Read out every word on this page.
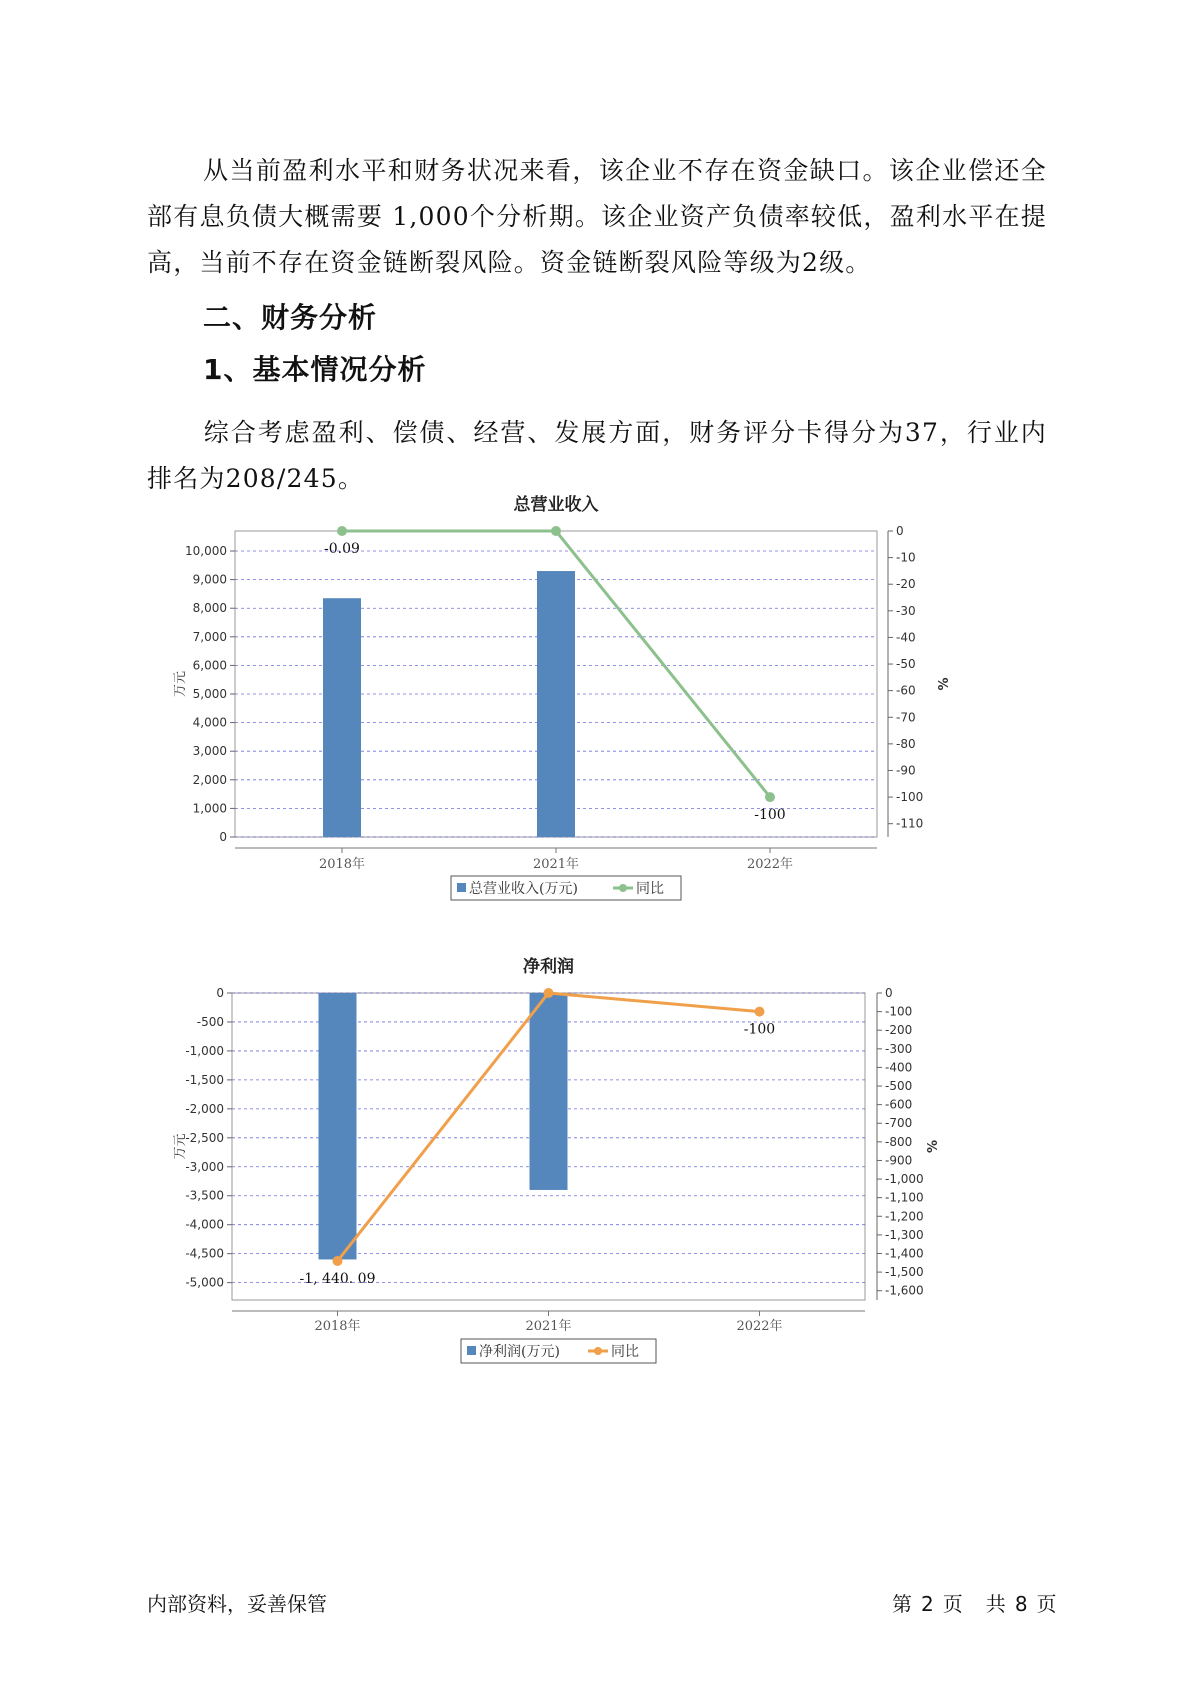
从当前盈利水平和财务状况来看，该企业不存在资金缺口。该企业偿还全部有息负债大概需要 1,000个分析期。该企业资产负债率较低，盈利水平在提高，当前不存在资金链断裂风险。资金链断裂风险等级为2级。

二、财务分析
1、基本情况分析

综合考虑盈利、偿债、经营、发展方面，财务评分卡得分为37，行业内排名为208/245。

总营业收入
0
1,000
2,000
3,000
4,000
5,000
6,000
7,000
8,000
9,000
10,000
0
-10
-20
-30
-40
-50
-60
-70
-80
-90
-100
-110
万元	%
2018年	2021年	2022年
-0.09
-100
总营业收入(万元)	同比
净利润
0
-500
-1,000
-1,500
-2,000
-2,500
-3,000
-3,500
-4,000
-4,500
-5,000
0
-100
-200
-300
-400
-500
-600
-700
-800
-900
-1,000
-1,100
-1,200
-1,300
-1,400
-1,500
-1,600
万元	%
2018年	2021年	2022年
-1, 440. 09
-100
净利润(万元)	同比
内部资料，妥善保管	第 2 页   共 8 页
